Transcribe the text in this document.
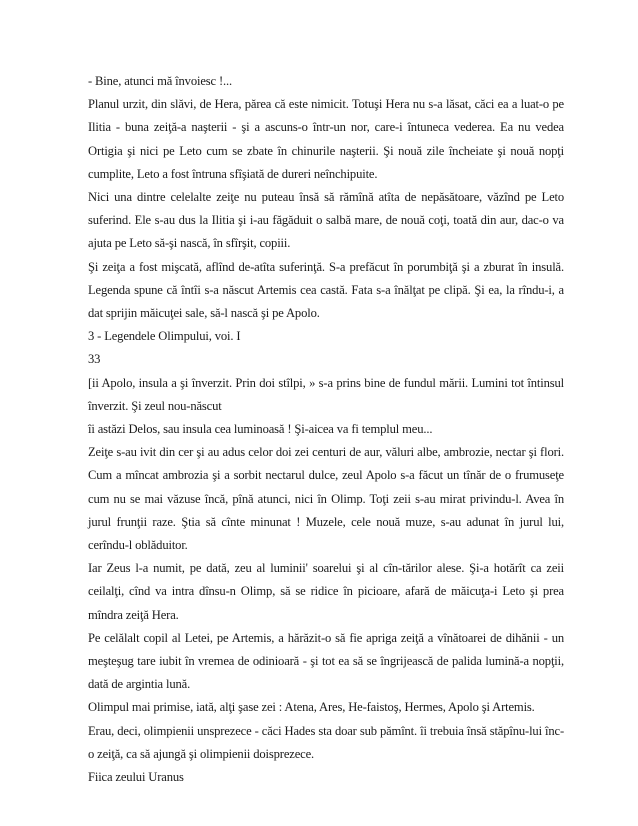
- Bine, atunci mă învoiesc !...

Planul urzit, din slăvi, de Hera, părea că este nimicit. Totuşi Hera nu s-a lăsat, căci ea a luat-o pe

Ilitia - buna zeiţă-a naşterii - şi a ascuns-o într-un nor, care-i întuneca vederea. Ea nu vedea

Ortigia şi nici pe Leto cum se zbate în chinurile naşterii. Şi nouă zile încheiate şi nouă nopţi

cumplite, Leto a fost întruna sfîşiată de dureri neînchipuite.

Nici una dintre celelalte zeiţe nu puteau însă să rămînă atîta de nepăsătoare, văzînd pe Leto

suferind. Ele s-au dus la Ilitia şi i-au făgăduit o salbă mare, de nouă coţi, toată din aur, dac-o va

ajuta pe Leto să-şi nască, în sfîrşit, copiii.

Şi zeiţa a fost mişcată, aflînd de-atîta suferinţă. S-a prefăcut în porumbiţă şi a zburat în insulă.

Legenda spune că întîi s-a născut Artemis cea castă. Fata s-a înălţat pe clipă. Şi ea, la rîndu-i, a

dat sprijin măicuţei sale, să-l nască şi pe Apolo.

3 - Legendele Olimpului, voi. I

33

[ii Apolo, insula a şi înverzit. Prin doi stîlpi, » s-a prins bine de fundul mării. Lumini tot întinsul

înverzit. Şi zeul nou-născut

îi astăzi Delos, sau insula cea luminoasă ! Şi-aicea va fi templul meu...

Zeiţe s-au ivit din cer şi au adus celor doi zei centuri de aur, văluri albe, ambrozie, nectar şi flori.

Cum a mîncat ambrozia şi a sorbit nectarul dulce, zeul Apolo s-a făcut un tînăr de o frumuseţe

cum nu se mai văzuse încă, pînă atunci, nici în Olimp. Toţi zeii s-au mirat privindu-l. Avea în

jurul frunţii raze. Ştia să cînte minunat ! Muzele, cele nouă muze, s-au adunat în jurul lui,

cerîndu-l oblăduitor.

Iar Zeus l-a numit, pe dată, zeu al luminii' soarelui şi al cîn-tărilor alese. Şi-a hotărît ca zeii

ceilalţi, cînd va intra dînsu-n Olimp, să se ridice în picioare, afară de măicuţa-i Leto şi prea

mîndra zeiţă Hera.

Pe celălalt copil al Letei, pe Artemis, a hărăzit-o să fie apriga zeiţă a vînătoarei de dihănii - un

meşteşug tare iubit în vremea de odinioară - şi tot ea să se îngrijească de palida lumină-a nopţii,

dată de argintia lună.

Olimpul mai primise, iată, alţi şase zei : Atena, Ares, He-faistoş, Hermes, Apolo şi Artemis.

Erau, deci, olimpienii unsprezece - căci Hades sta doar sub pămînt. îi trebuia însă stăpînu-lui înc-

o zeiţă, ca să ajungă şi olimpienii doisprezece.

Fiica zeului Uranus
